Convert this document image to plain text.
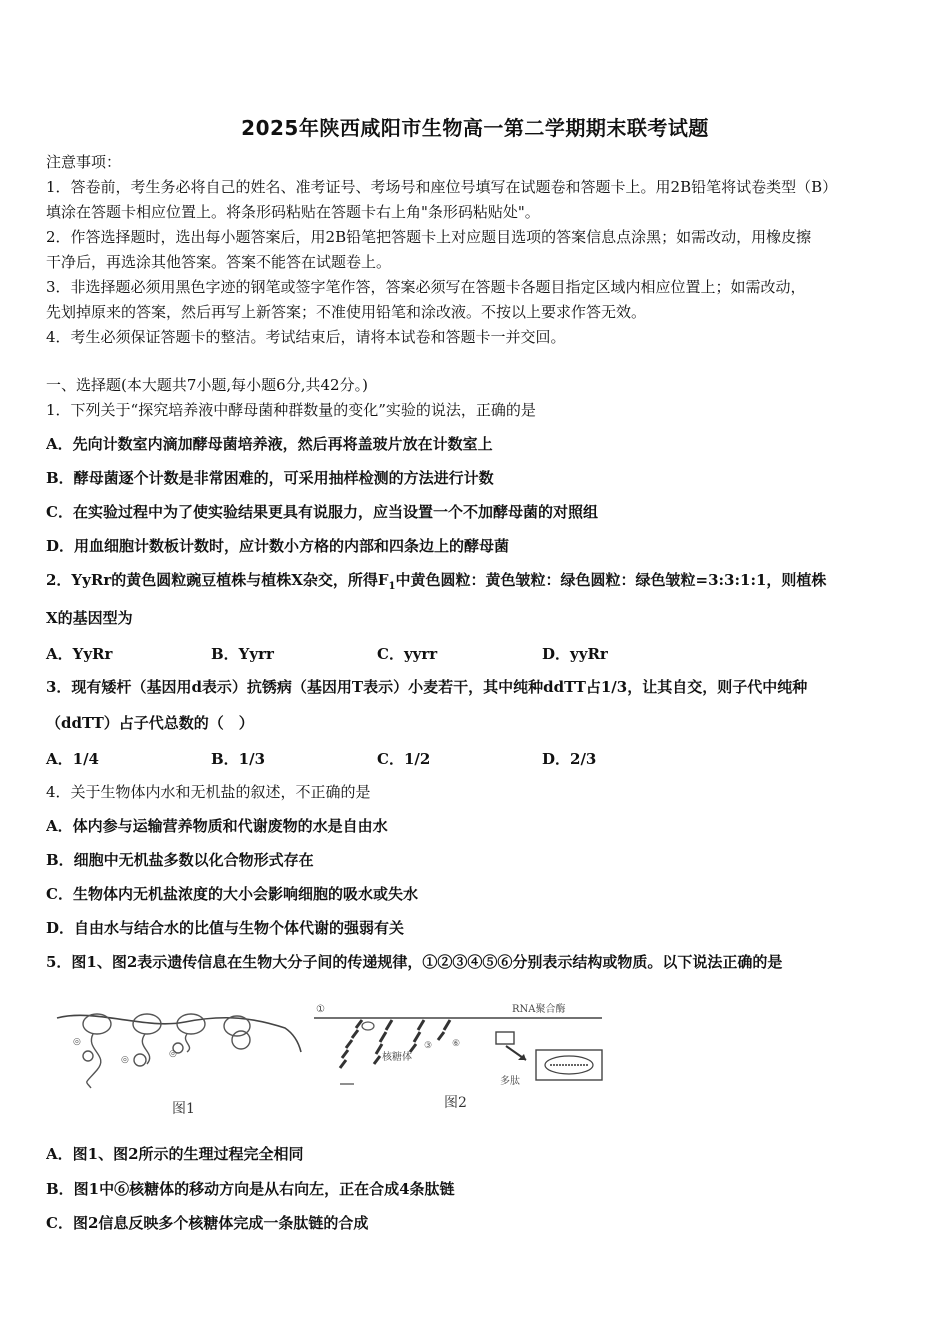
2025年陕西咸阳市生物高一第二学期期末联考试题
注意事项：
1．答卷前，考生务必将自己的姓名、准考证号、考场号和座位号填写在试题卷和答题卡上。用2B铅笔将试卷类型（B）
填涂在答题卡相应位置上。将条形码粘贴在答题卡右上角"条形码粘贴处"。
2．作答选择题时，选出每小题答案后，用2B铅笔把答题卡上对应题目选项的答案信息点涂黑；如需改动，用橡皮擦
干净后，再选涂其他答案。答案不能答在试题卷上。
3．非选择题必须用黑色字迹的钢笔或签字笔作答，答案必须写在答题卡各题目指定区域内相应位置上；如需改动，
先划掉原来的答案，然后再写上新答案；不准使用铅笔和涂改液。不按以上要求作答无效。
4．考生必须保证答题卡的整洁。考试结束后，请将本试卷和答题卡一并交回。
一、选择题(本大题共7小题,每小题6分,共42分。)
1．下列关于“探究培养液中酵母菌种群数量的变化”实验的说法，正确的是
A．先向计数室内滴加酵母菌培养液，然后再将盖玻片放在计数室上
B．酵母菌逐个计数是非常困难的，可采用抽样检测的方法进行计数
C．在实验过程中为了使实验结果更具有说服力，应当设置一个不加酵母菌的对照组
D．用血细胞计数板计数时，应计数小方格的内部和四条边上的酵母菌
2．YyRr的黄色圆粒豌豆植株与植株X杂交，所得$F_1$中黄色圆粒：黄色皱粒：绿色圆粒：绿色皱粒=3:3:1:1，则植株
X的基因型为
A．YyRr	B．Yyrr	C．yyrr	D．yyRr
3．现有矮杆（基因用d表示）抗锈病（基因用T表示）小麦若干，其中纯种ddTT占1/3，让其自交，则子代中纯种
（ddTT）占子代总数的（　）
A．1/4	B．1/3	C．1/2	D．2/3
4．关于生物体内水和无机盐的叙述，不正确的是
A．体内参与运输营养物质和代谢废物的水是自由水
B．细胞中无机盐多数以化合物形式存在
C．生物体内无机盐浓度的大小会影响细胞的吸水或失水
D．自由水与结合水的比值与生物个体代谢的强弱有关
5．图1、图2表示遗传信息在生物大分子间的传递规律，①②③④⑤⑥分别表示结构或物质。以下说法正确的是
◎
◎
◎
图1
①	RNA聚合酶
核糖体
③ ⑥
多肽
图2
A．图1、图2所示的生理过程完全相同
B．图1中⑥核糖体的移动方向是从右向左，正在合成4条肽链
C．图2信息反映多个核糖体完成一条肽链的合成
